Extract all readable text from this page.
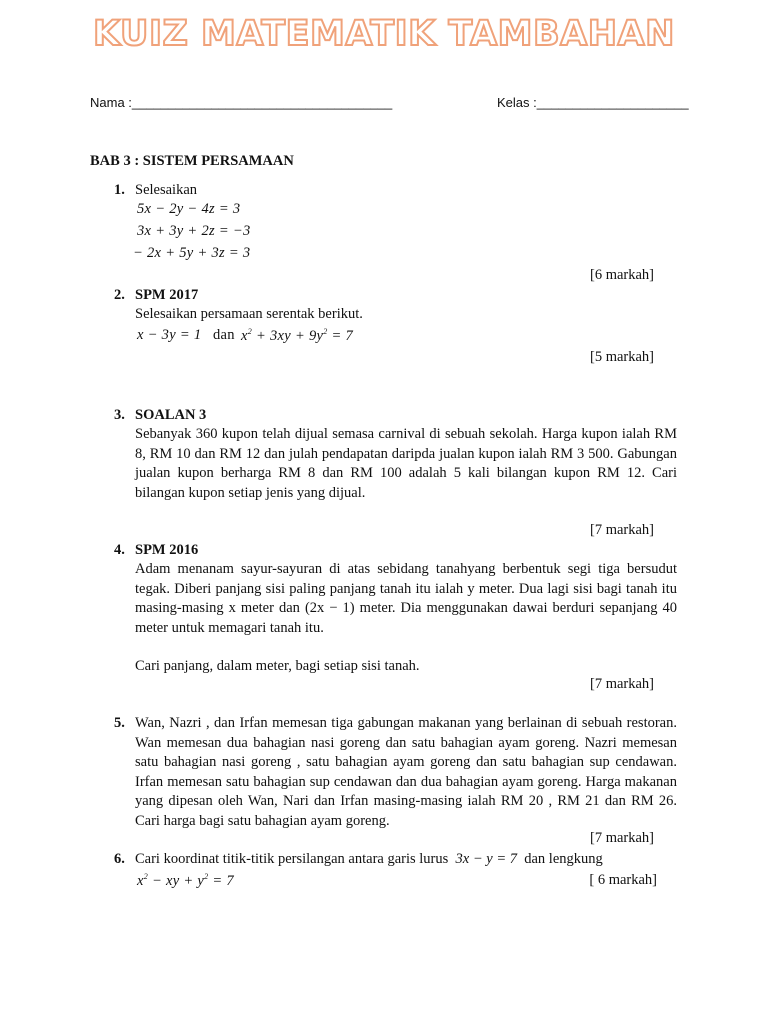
KUIZ MATEMATIK TAMBAHAN
Nama :____________________________________	Kelas :_____________________
BAB 3 : SISTEM PERSAMAAN
1. Selesaikan
5x − 2y − 4z = 3
3x + 3y + 2z = −3
− 2x + 5y + 3z = 3
[6 markah]
2. SPM 2017
Selesaikan persamaan serentak berikut.
x − 3y = 1 dan $x^2 + 3xy + 9y^2 = 7$
[5 markah]
3. SOALAN 3
Sebanyak 360 kupon telah dijual semasa carnival di sebuah sekolah. Harga kupon ialah RM 8, RM 10 dan RM 12 dan julah pendapatan daripda jualan kupon ialah RM 3 500. Gabungan jualan kupon berharga RM 8 dan RM 100 adalah 5 kali bilangan kupon RM 12. Cari bilangan kupon setiap jenis yang dijual.
[7 markah]
4. SPM 2016
Adam menanam sayur-sayuran di atas sebidang tanahyang berbentuk segi tiga bersudut tegak. Diberi panjang sisi paling panjang tanah itu ialah y meter. Dua lagi sisi bagi tanah itu masing-masing x meter dan (2x − 1) meter. Dia menggunakan dawai berduri sepanjang 40 meter untuk memagari tanah itu.
Cari panjang, dalam meter, bagi setiap sisi tanah.
[7 markah]
5. Wan, Nazri , dan Irfan memesan tiga gabungan makanan yang berlainan di sebuah restoran. Wan memesan dua bahagian nasi goreng dan satu bahagian ayam goreng. Nazri memesan satu bahagian nasi goreng , satu bahagian ayam goreng dan satu bahagian sup cendawan. Irfan memesan satu bahagian sup cendawan dan dua bahagian ayam goreng. Harga makanan yang dipesan oleh Wan, Nari dan Irfan masing-masing ialah RM 20 , RM 21 dan RM 26. Cari harga bagi satu bahagian ayam goreng.
[7 markah]
6. Cari koordinat titik-titik persilangan antara garis lurus 3x − y = 7 dan lengkung
$x^2$ − xy + $y^2 = 7$	[ 6 markah]
